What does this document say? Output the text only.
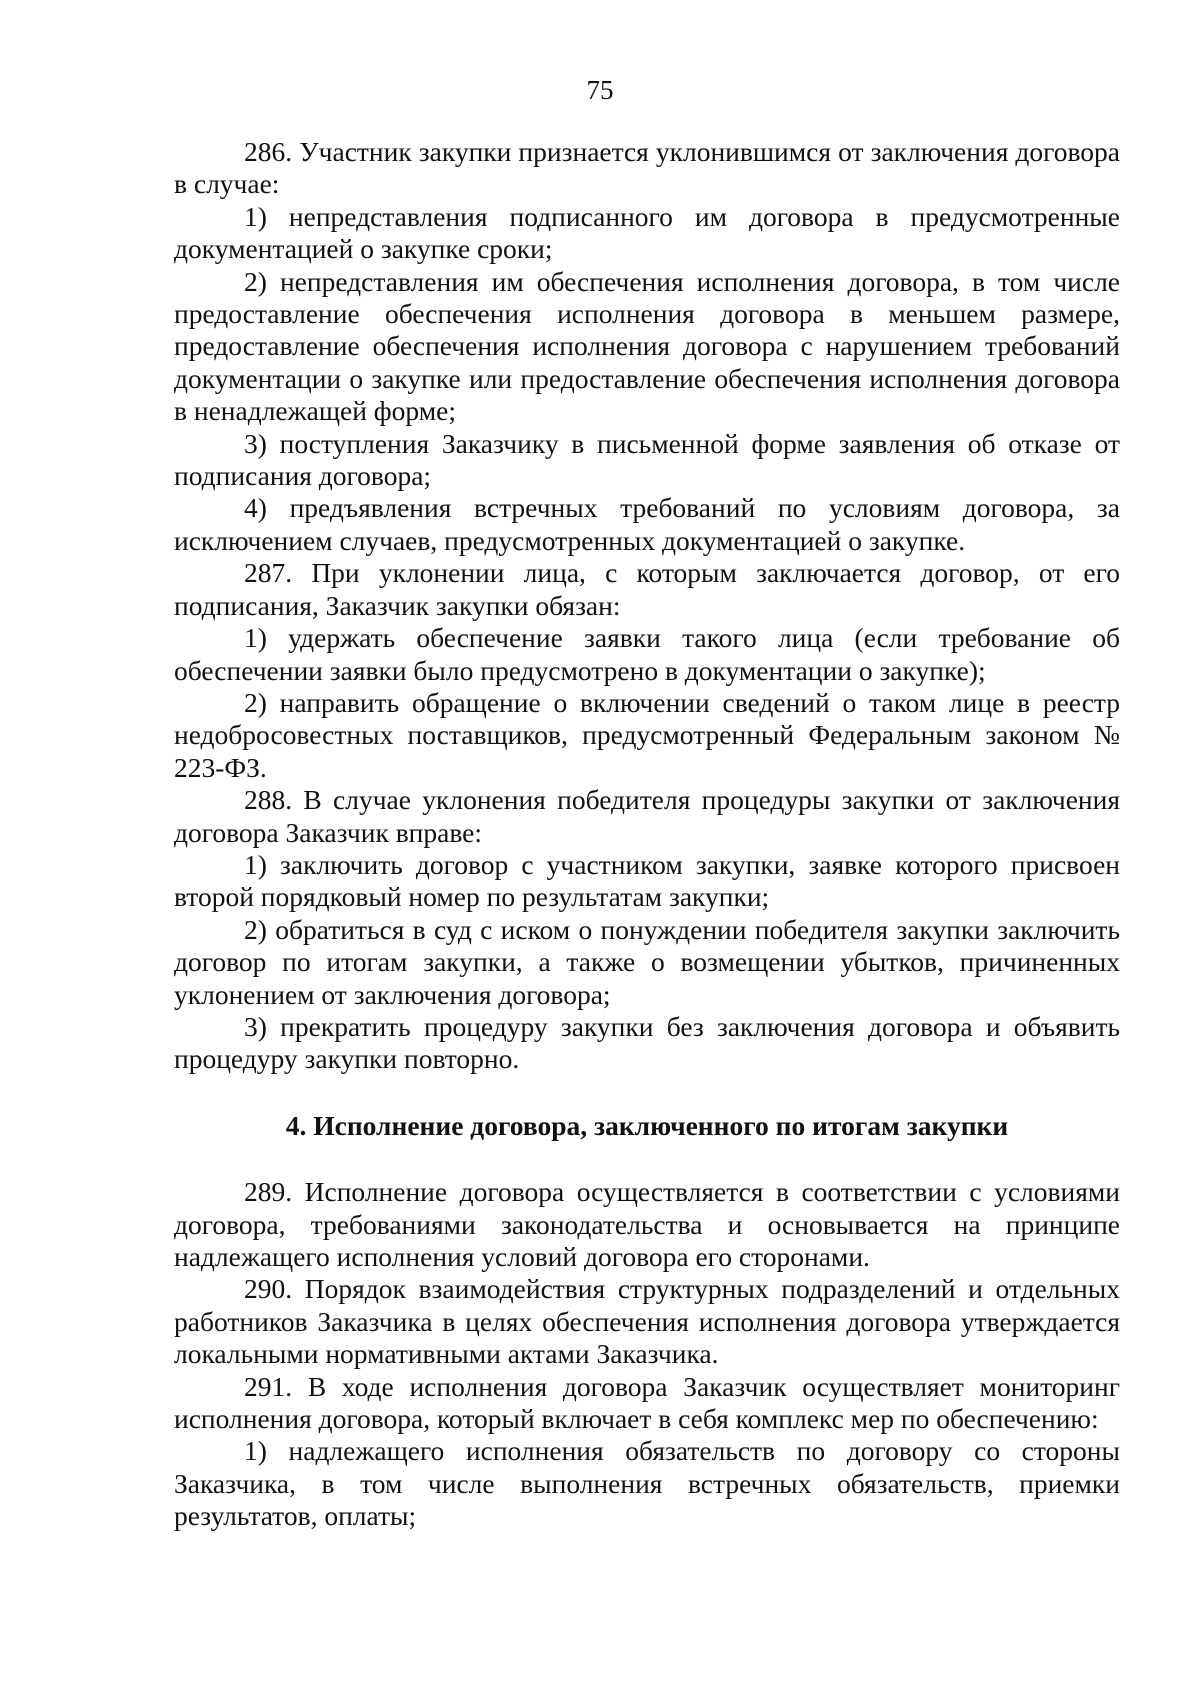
75

286. Участник закупки признается уклонившимся от заключения договора в случае:

1) непредставления подписанного им договора в предусмотренные документацией о закупке сроки;

2) непредставления им обеспечения исполнения договора, в том числе предоставление обеспечения исполнения договора в меньшем размере, предоставление обеспечения исполнения договора с нарушением требований документации о закупке или предоставление обеспечения исполнения договора в ненадлежащей форме;

3) поступления Заказчику в письменной форме заявления об отказе от подписания договора;

4) предъявления встречных требований по условиям договора, за исключением случаев, предусмотренных документацией о закупке.

287. При уклонении лица, с которым заключается договор, от его подписания, Заказчик закупки обязан:

1) удержать обеспечение заявки такого лица (если требование об обеспечении заявки было предусмотрено в документации о закупке);

2) направить обращение о включении сведений о таком лице в реестр недобросовестных поставщиков, предусмотренный Федеральным законом № 223-ФЗ.

288. В случае уклонения победителя процедуры закупки от заключения договора Заказчик вправе:

1) заключить договор с участником закупки, заявке которого присвоен второй порядковый номер по результатам закупки;

2) обратиться в суд с иском о понуждении победителя закупки заключить договор по итогам закупки, а также о возмещении убытков, причиненных уклонением от заключения договора;

3) прекратить процедуру закупки без заключения договора и объявить процедуру закупки повторно.

4. Исполнение договора, заключенного по итогам закупки

289. Исполнение договора осуществляется в соответствии с условиями договора, требованиями законодательства и основывается на принципе надлежащего исполнения условий договора его сторонами.

290. Порядок взаимодействия структурных подразделений и отдельных работников Заказчика в целях обеспечения исполнения договора утверждается локальными нормативными актами Заказчика.

291. В ходе исполнения договора Заказчик осуществляет мониторинг исполнения договора, который включает в себя комплекс мер по обеспечению:

1) надлежащего исполнения обязательств по договору со стороны Заказчика, в том числе выполнения встречных обязательств, приемки результатов, оплаты;
